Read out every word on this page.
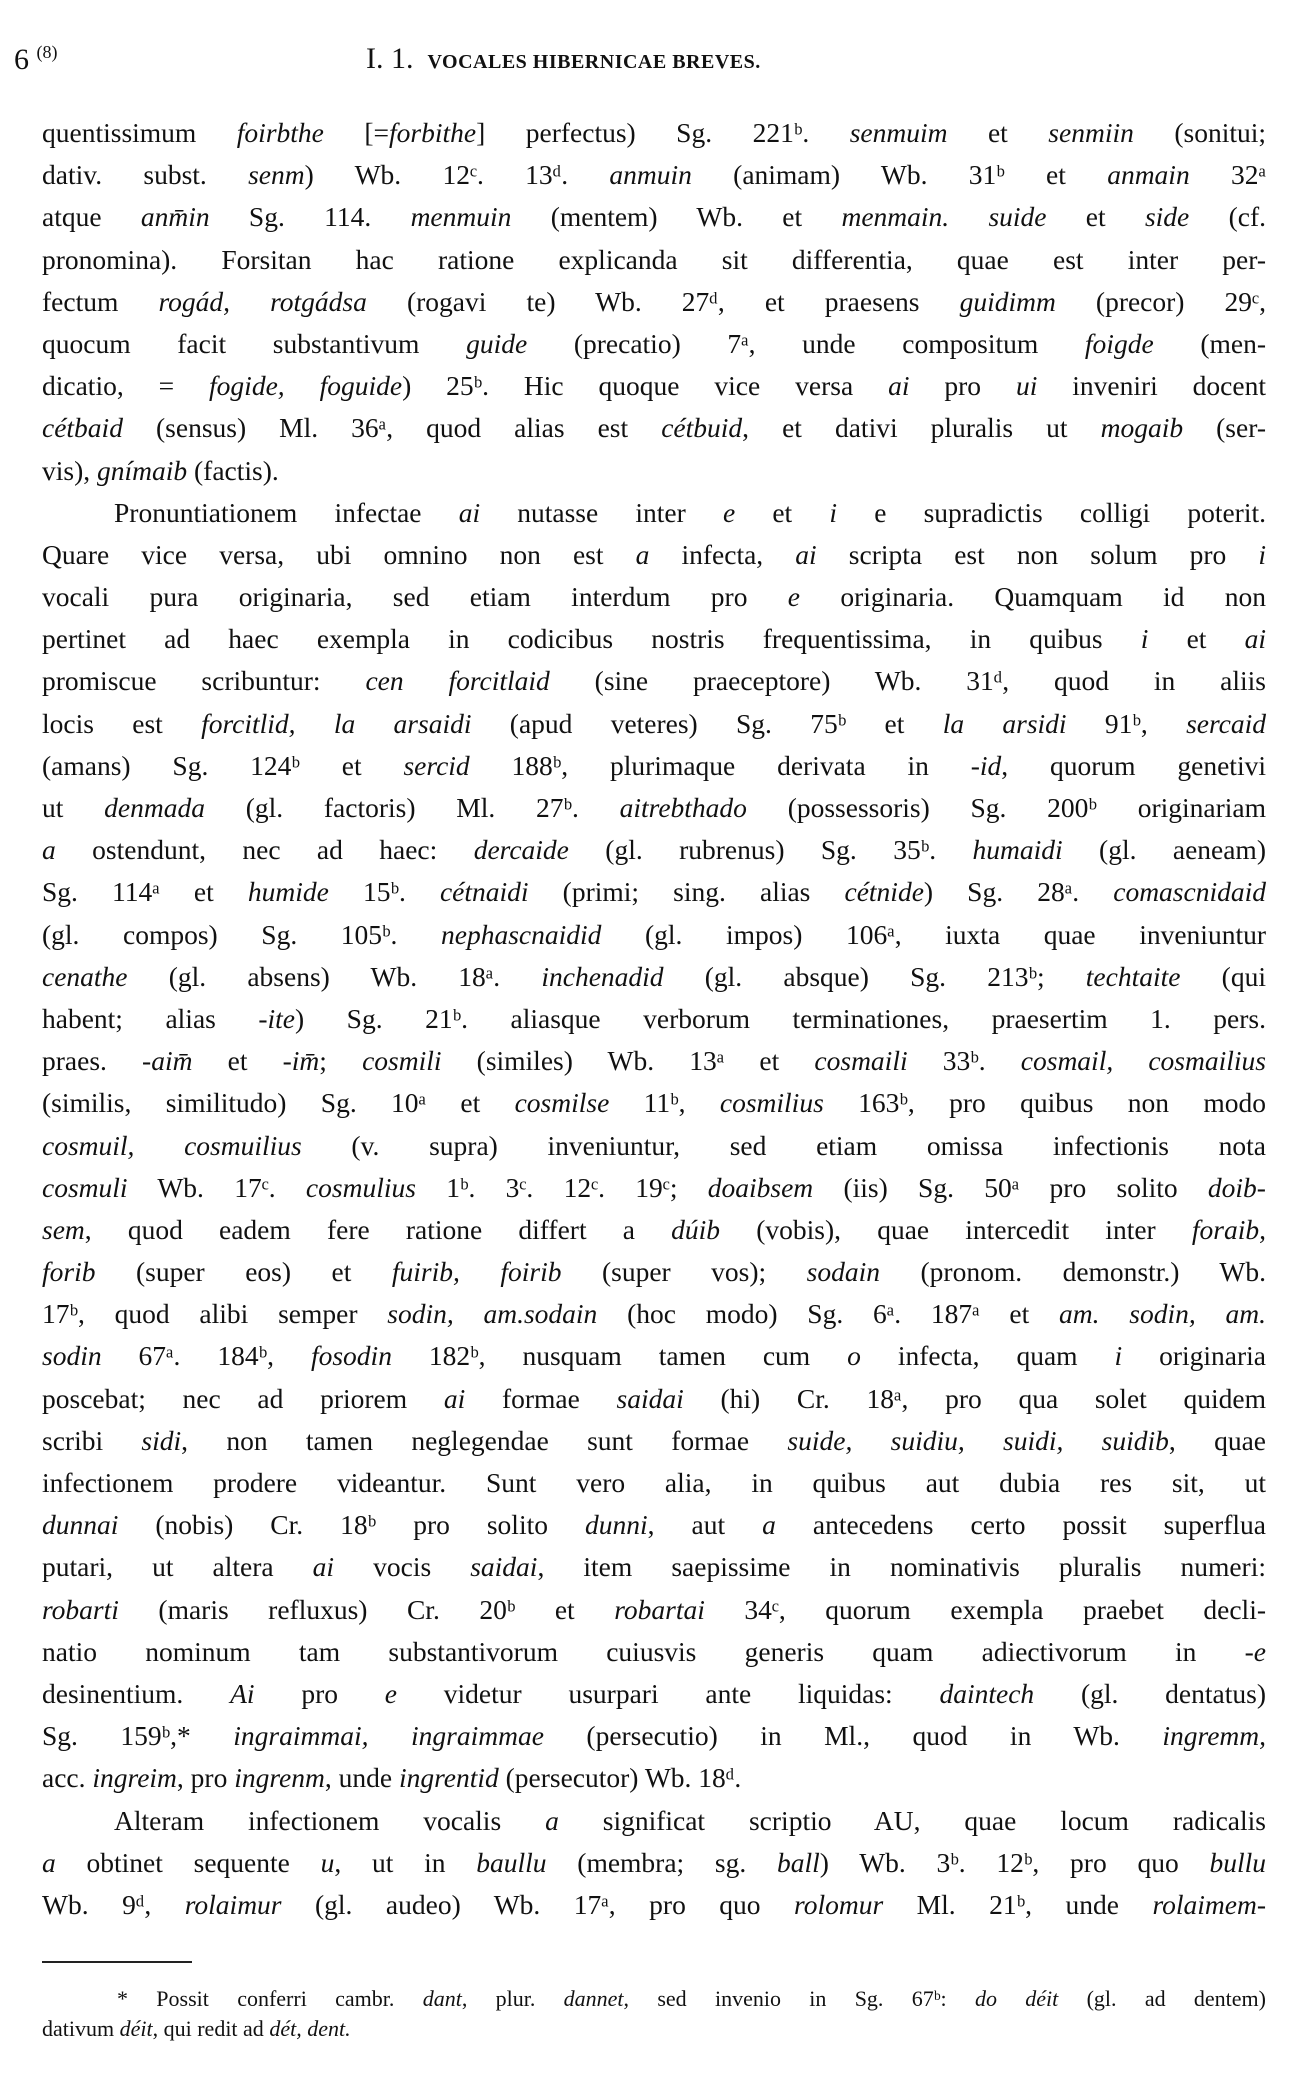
6 $^{(8)}$	I. 1. VOCALES HIBERNICAE BREVES.
quentissimum foirbthe [=forbithe] perfectus) Sg. 221ᵇ. senmuim et senmiin (sonitui;
dativ. subst. senm) Wb. 12ᶜ. 13ᵈ. anmuin (animam) Wb. 31ᵇ et anmain 32ᵃ
atque anm̄in Sg. 114. menmuin (mentem) Wb. et menmain. suide et side (cf.
pronomina). Forsitan hac ratione explicanda sit differentia, quae est inter per-
fectum rogád, rotgádsa (rogavi te) Wb. 27ᵈ, et praesens guidimm (precor) 29ᶜ,
quocum facit substantivum guide (precatio) 7ᵃ, unde compositum foigde (men-
dicatio, = fogide, foguide) 25ᵇ. Hic quoque vice versa ai pro ui inveniri docent
cétbaid (sensus) Ml. 36ᵃ, quod alias est cétbuid, et dativi pluralis ut mogaib (ser-
vis), gnímaib (factis).
Pronuntiationem infectae ai nutasse inter e et i e supradictis colligi poterit.
Quare vice versa, ubi omnino non est a infecta, ai scripta est non solum pro i
vocali pura originaria, sed etiam interdum pro e originaria. Quamquam id non
pertinet ad haec exempla in codicibus nostris frequentissima, in quibus i et ai
promiscue scribuntur: cen forcitlaid (sine praeceptore) Wb. 31ᵈ, quod in aliis
locis est forcitlid, la arsaidi (apud veteres) Sg. 75ᵇ et la arsidi 91ᵇ, sercaid
(amans) Sg. 124ᵇ et sercid 188ᵇ, plurimaque derivata in -id, quorum genetivi
ut denmada (gl. factoris) Ml. 27ᵇ. aitrebthado (possessoris) Sg. 200ᵇ originariam
a ostendunt, nec ad haec: dercaide (gl. rubrenus) Sg. 35ᵇ. humaidi (gl. aeneam)
Sg. 114ᵃ et humide 15ᵇ. cétnaidi (primi; sing. alias cétnide) Sg. 28ᵃ. comascnidaid
(gl. compos) Sg. 105ᵇ. nephascnaidid (gl. impos) 106ᵃ, iuxta quae inveniuntur
cenathe (gl. absens) Wb. 18ᵃ. inchenadid (gl. absque) Sg. 213ᵇ; techtaite (qui
habent; alias -ite) Sg. 21ᵇ. aliasque verborum terminationes, praesertim 1. pers.
praes. -aim̄ et -im̄; cosmili (similes) Wb. 13ᵃ et cosmaili 33ᵇ. cosmail, cosmailius
(similis, similitudo) Sg. 10ᵃ et cosmilse 11ᵇ, cosmilius 163ᵇ, pro quibus non modo
cosmuil, cosmuilius (v. supra) inveniuntur, sed etiam omissa infectionis nota
cosmuli Wb. 17ᶜ. cosmulius 1ᵇ. 3ᶜ. 12ᶜ. 19ᶜ; doaibsem (iis) Sg. 50ᵃ pro solito doib-
sem, quod eadem fere ratione differt a dúib (vobis), quae intercedit inter foraib,
forib (super eos) et fuirib, foirib (super vos); sodain (pronom. demonstr.) Wb.
17ᵇ, quod alibi semper sodin, am.sodain (hoc modo) Sg. 6ᵃ. 187ᵃ et am. sodin, am.
sodin 67ᵃ. 184ᵇ, fosodin 182ᵇ, nusquam tamen cum o infecta, quam i originaria
poscebat; nec ad priorem ai formae saidai (hi) Cr. 18ᵃ, pro qua solet quidem
scribi sidi, non tamen neglegendae sunt formae suide, suidiu, suidi, suidib, quae
infectionem prodere videantur. Sunt vero alia, in quibus aut dubia res sit, ut
dunnai (nobis) Cr. 18ᵇ pro solito dunni, aut a antecedens certo possit superflua
putari, ut altera ai vocis saidai, item saepissime in nominativis pluralis numeri:
robarti (maris refluxus) Cr. 20ᵇ et robartai 34ᶜ, quorum exempla praebet decli-
natio nominum tam substantivorum cuiusvis generis quam adiectivorum in -e
desinentium. Ai pro e videtur usurpari ante liquidas: daintech (gl. dentatus)
Sg. 159ᵇ,* ingraimmai, ingraimmae (persecutio) in Ml., quod in Wb. ingremm,
acc. ingreim, pro ingrenm, unde ingrentid (persecutor) Wb. 18ᵈ.
Alteram infectionem vocalis a significat scriptio AU, quae locum radicalis
a obtinet sequente u, ut in baullu (membra; sg. ball) Wb. 3ᵇ. 12ᵇ, pro quo bullu
Wb. 9ᵈ, rolaimur (gl. audeo) Wb. 17ᵃ, pro quo rolomur Ml. 21ᵇ, unde rolaimem-
* Possit conferri cambr. dant, plur. dannet, sed invenio in Sg. 67ᵇ: do déit (gl. ad dentem)
dativum déit, qui redit ad dét, dent.
